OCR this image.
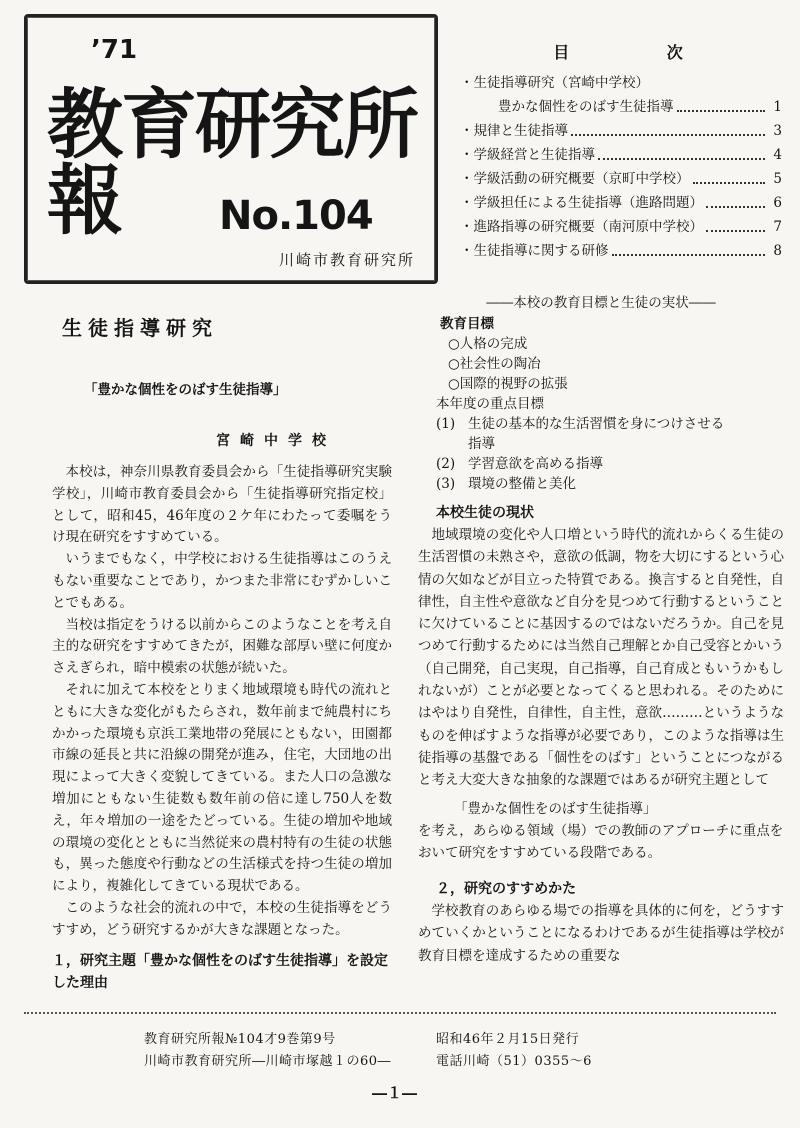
’71
教育研究所報	No.104
川崎市教育研究所
目 次
・生徒指導研究（宮崎中学校）
豊かな個性をのばす生徒指導	1
・規律と生徒指導	3
・学級経営と生徒指導	4
・学級活動の研究概要（京町中学校）	5
・学級担任による生徒指導（進路問題）	6
・進路指導の研究概要（南河原中学校）	7
・生徒指導に関する研修	8
生徒指導研究
「豊かな個性をのばす生徒指導」
宮崎中学校

本校は，神奈川県教育委員会から「生徒指導研究実験学校」，川崎市教育委員会から「生徒指導研究指定校」として，昭和45，46年度の２ケ年にわたって委嘱をうけ現在研究をすすめている。

いうまでもなく，中学校における生徒指導はこのうえもない重要なことであり，かつまた非常にむずかしいことでもある。

当校は指定をうける以前からこのようなことを考え自主的な研究をすすめてきたが，困難な部厚い壁に何度かさえぎられ，暗中模索の状態が続いた。

それに加えて本校をとりまく地域環境も時代の流れとともに大きな変化がもたらされ，数年前まで純農村にちかかった環境も京浜工業地帯の発展にともない，田園都市線の延長と共に沿線の開発が進み，住宅，大団地の出現によって大きく変貌してきている。また人口の急激な増加にともない生徒数も数年前の倍に達し750人を数え，年々増加の一途をたどっている。生徒の増加や地域の環境の変化とともに当然従来の農村特有の生徒の状態も，異った態度や行動などの生活様式を持つ生徒の増加により，複雑化してきている現状である。

このような社会的流れの中で，本校の生徒指導をどうすすめ，どう研究するかが大きな課題となった。

１，研究主題「豊かな個性をのばす生徒指導」を設定した理由
――本校の教育目標と生徒の実状――
教育目標
○人格の完成
○社会性の陶冶
○国際的視野の拡張
本年度の重点目標
(1) 生徒の基本的な生活習慣を身につけさせる
指導
(2) 学習意欲を高める指導
(3) 環境の整備と美化
本校生徒の現状

地域環境の変化や人口増という時代的流れからくる生徒の生活習慣の未熟さや，意欲の低調，物を大切にするという心情の欠如などが目立った特質である。換言すると自発性，自律性，自主性や意欲など自分を見つめて行動するということに欠けていることに基因するのではないだろうか。自己を見つめて行動するためには当然自己理解とか自己受容とかいう（自己開発，自己実現，自己指導，自己育成ともいうかもしれないが）ことが必要となってくると思われる。そのためにはやはり自発性，自律性，自主性，意欲………というようなものを伸ばすような指導が必要であり，このような指導は生徒指導の基盤である「個性をのばす」ということにつながると考え大変大きな抽象的な課題ではあるが研究主題として

「豊かな個性をのばす生徒指導」

を考え，あらゆる領域（場）での教師のアプローチに重点をおいて研究をすすめている段階である。

２，研究のすすめかた

学校教育のあらゆる場での指導を具体的に何を，どうすすめていくかということになるわけであるが生徒指導は学校が教育目標を達成するための重要な

教育研究所報№104才9巻第9号
川崎市教育研究所―川崎市塚越１の60―
昭和46年２月15日発行
電話川崎（51）0355～6
―１―
